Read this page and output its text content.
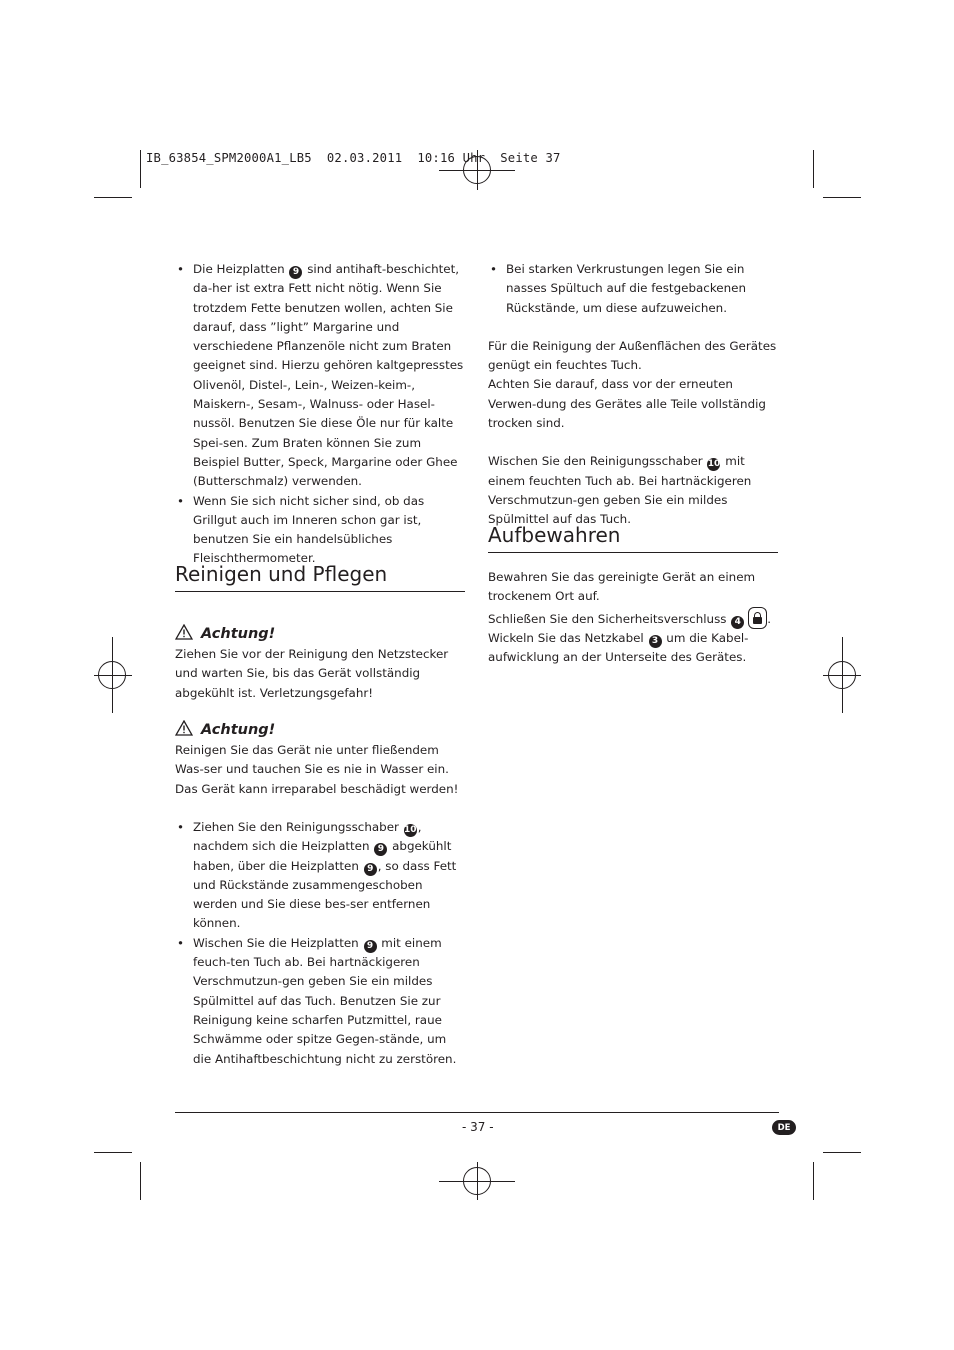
IB_63854_SPM2000A1_LB5  02.03.2011  10:16 Uhr  Seite 37

• Die Heizplatten 9 sind antihaft-beschichtet, da-her ist extra Fett nicht nötig. Wenn Sie trotzdem Fette benutzen wollen, achten Sie darauf, dass ”light” Margarine und verschiedene Pflanzenöle nicht zum Braten geeignet sind. Hierzu gehören kaltgepresstes Olivenöl, Distel-, Lein-, Weizen-keim-, Maiskern-, Sesam-, Walnuss- oder Hasel-nussöl. Benutzen Sie diese Öle nur für kalte Spei-sen. Zum Braten können Sie zum Beispiel Butter, Speck, Margarine oder Ghee (Butterschmalz) verwenden.

• Wenn Sie sich nicht sicher sind, ob das Grillgut auch im Inneren schon gar ist, benutzen Sie ein handelsübliches Fleischthermometer.

Reinigen und Pflegen
Achtung!

Ziehen Sie vor der Reinigung den Netzstecker und warten Sie, bis das Gerät vollständig abgekühlt ist. Verletzungsgefahr!

Achtung!

Reinigen Sie das Gerät nie unter fließendem Was-ser und tauchen Sie es nie in Wasser ein. Das Gerät kann irreparabel beschädigt werden!

• Ziehen Sie den Reinigungsschaber 10, nachdem sich die Heizplatten 9 abgekühlt haben, über die Heizplatten 9 , so dass Fett und Rückstände zusammengeschoben werden und Sie diese bes-ser entfernen können.

• Wischen Sie die Heizplatten 9 mit einem feuch-ten Tuch ab. Bei hartnäckigeren Verschmutzun-gen geben Sie ein mildes Spülmittel auf das Tuch. Benutzen Sie zur Reinigung keine scharfen Putzmittel, raue Schwämme oder spitze Gegen-stände, um die Antihaftbeschichtung nicht zu zerstören.

• Bei starken Verkrustungen legen Sie ein nasses Spültuch auf die festgebackenen Rückstände, um diese aufzuweichen.

Für die Reinigung der Außenflächen des Gerätes genügt ein feuchtes Tuch.

Achten Sie darauf, dass vor der erneuten Verwen-dung des Gerätes alle Teile vollständig trocken sind.

Wischen Sie den Reinigungsschaber 10 mit einem feuchten Tuch ab. Bei hartnäckigeren Verschmutzun-gen geben Sie ein mildes Spülmittel auf das Tuch.

Aufbewahren

Bewahren Sie das gereinigte Gerät an einem trockenem Ort auf.

Schließen Sie den Sicherheitsverschluss 4 .

Wickeln Sie das Netzkabel 3 um die Kabel-aufwicklung an der Unterseite des Gerätes.

- 37 -	DE
